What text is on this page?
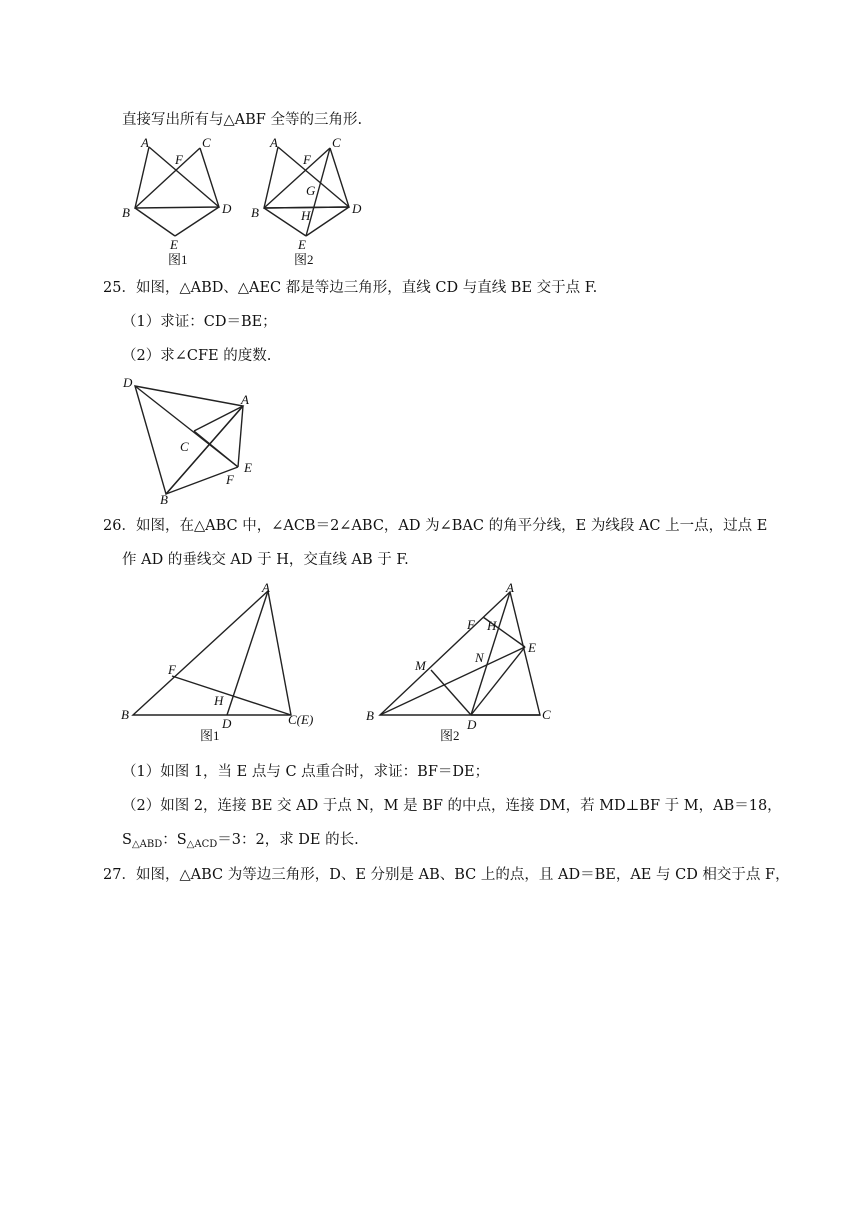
直接写出所有与△ABF 全等的三角形.
A
F
C
B	D
E
图1
A
F
C
G
B	H	D
E
图2
25．如图，△ABD、△AEC 都是等边三角形，直线 CD 与直线 BE 交于点 F.
（1）求证：CD＝BE；
（2）求∠CFE 的度数.
D
A
C
E
F
B
26．如图，在△ABC 中，∠ACB＝2∠ABC，AD 为∠BAC 的角平分线，E 为线段 AC 上一点，过点 E
作 AD 的垂线交 AD 于 H，交直线 AB 于 F.
A
F
H
B
D	C(E)
图1
A
F H
E
M
N
B
D
C
图2
（1）如图 1，当 E 点与 C 点重合时，求证：BF＝DE；
（2）如图 2，连接 BE 交 AD 于点 N，M 是 BF 的中点，连接 DM，若 MD⊥BF 于 M，AB＝18，
$S_{\triangle ABD}$：$S_{\triangle ACD}=3$：2，求 DE 的长.
27．如图，△ABC 为等边三角形，D、E 分别是 AB、BC 上的点，且 AD＝BE，AE 与 CD 相交于点 F，
